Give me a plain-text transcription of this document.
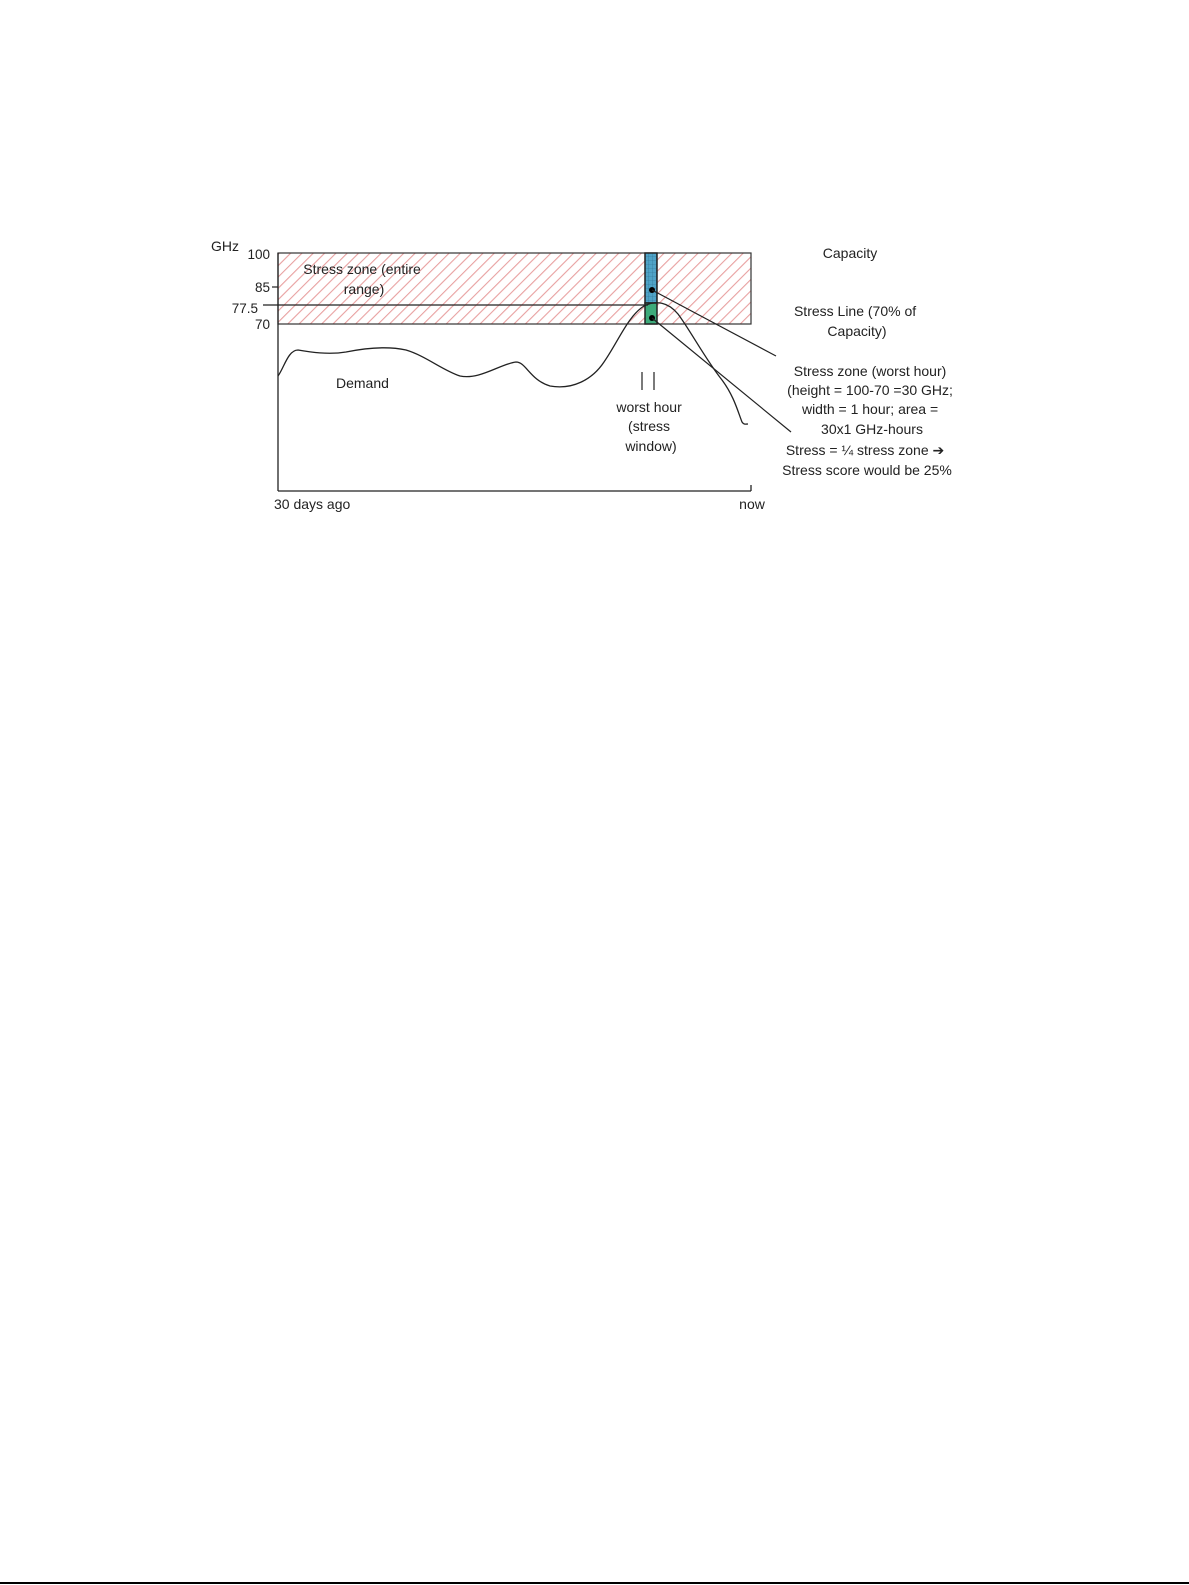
GHz
100
85
77.5
70
30 days ago	now
Stress zone (entire range)
Demand
worst hour (stress window)
Capacity
Stress Line (70% of Capacity)
Stress zone (worst hour) (height = 100-70 =30 GHz; width = 1 hour; area = 30x1 GHz-hours
Stress = ¼ stress zone ➔ Stress score would be 25%
